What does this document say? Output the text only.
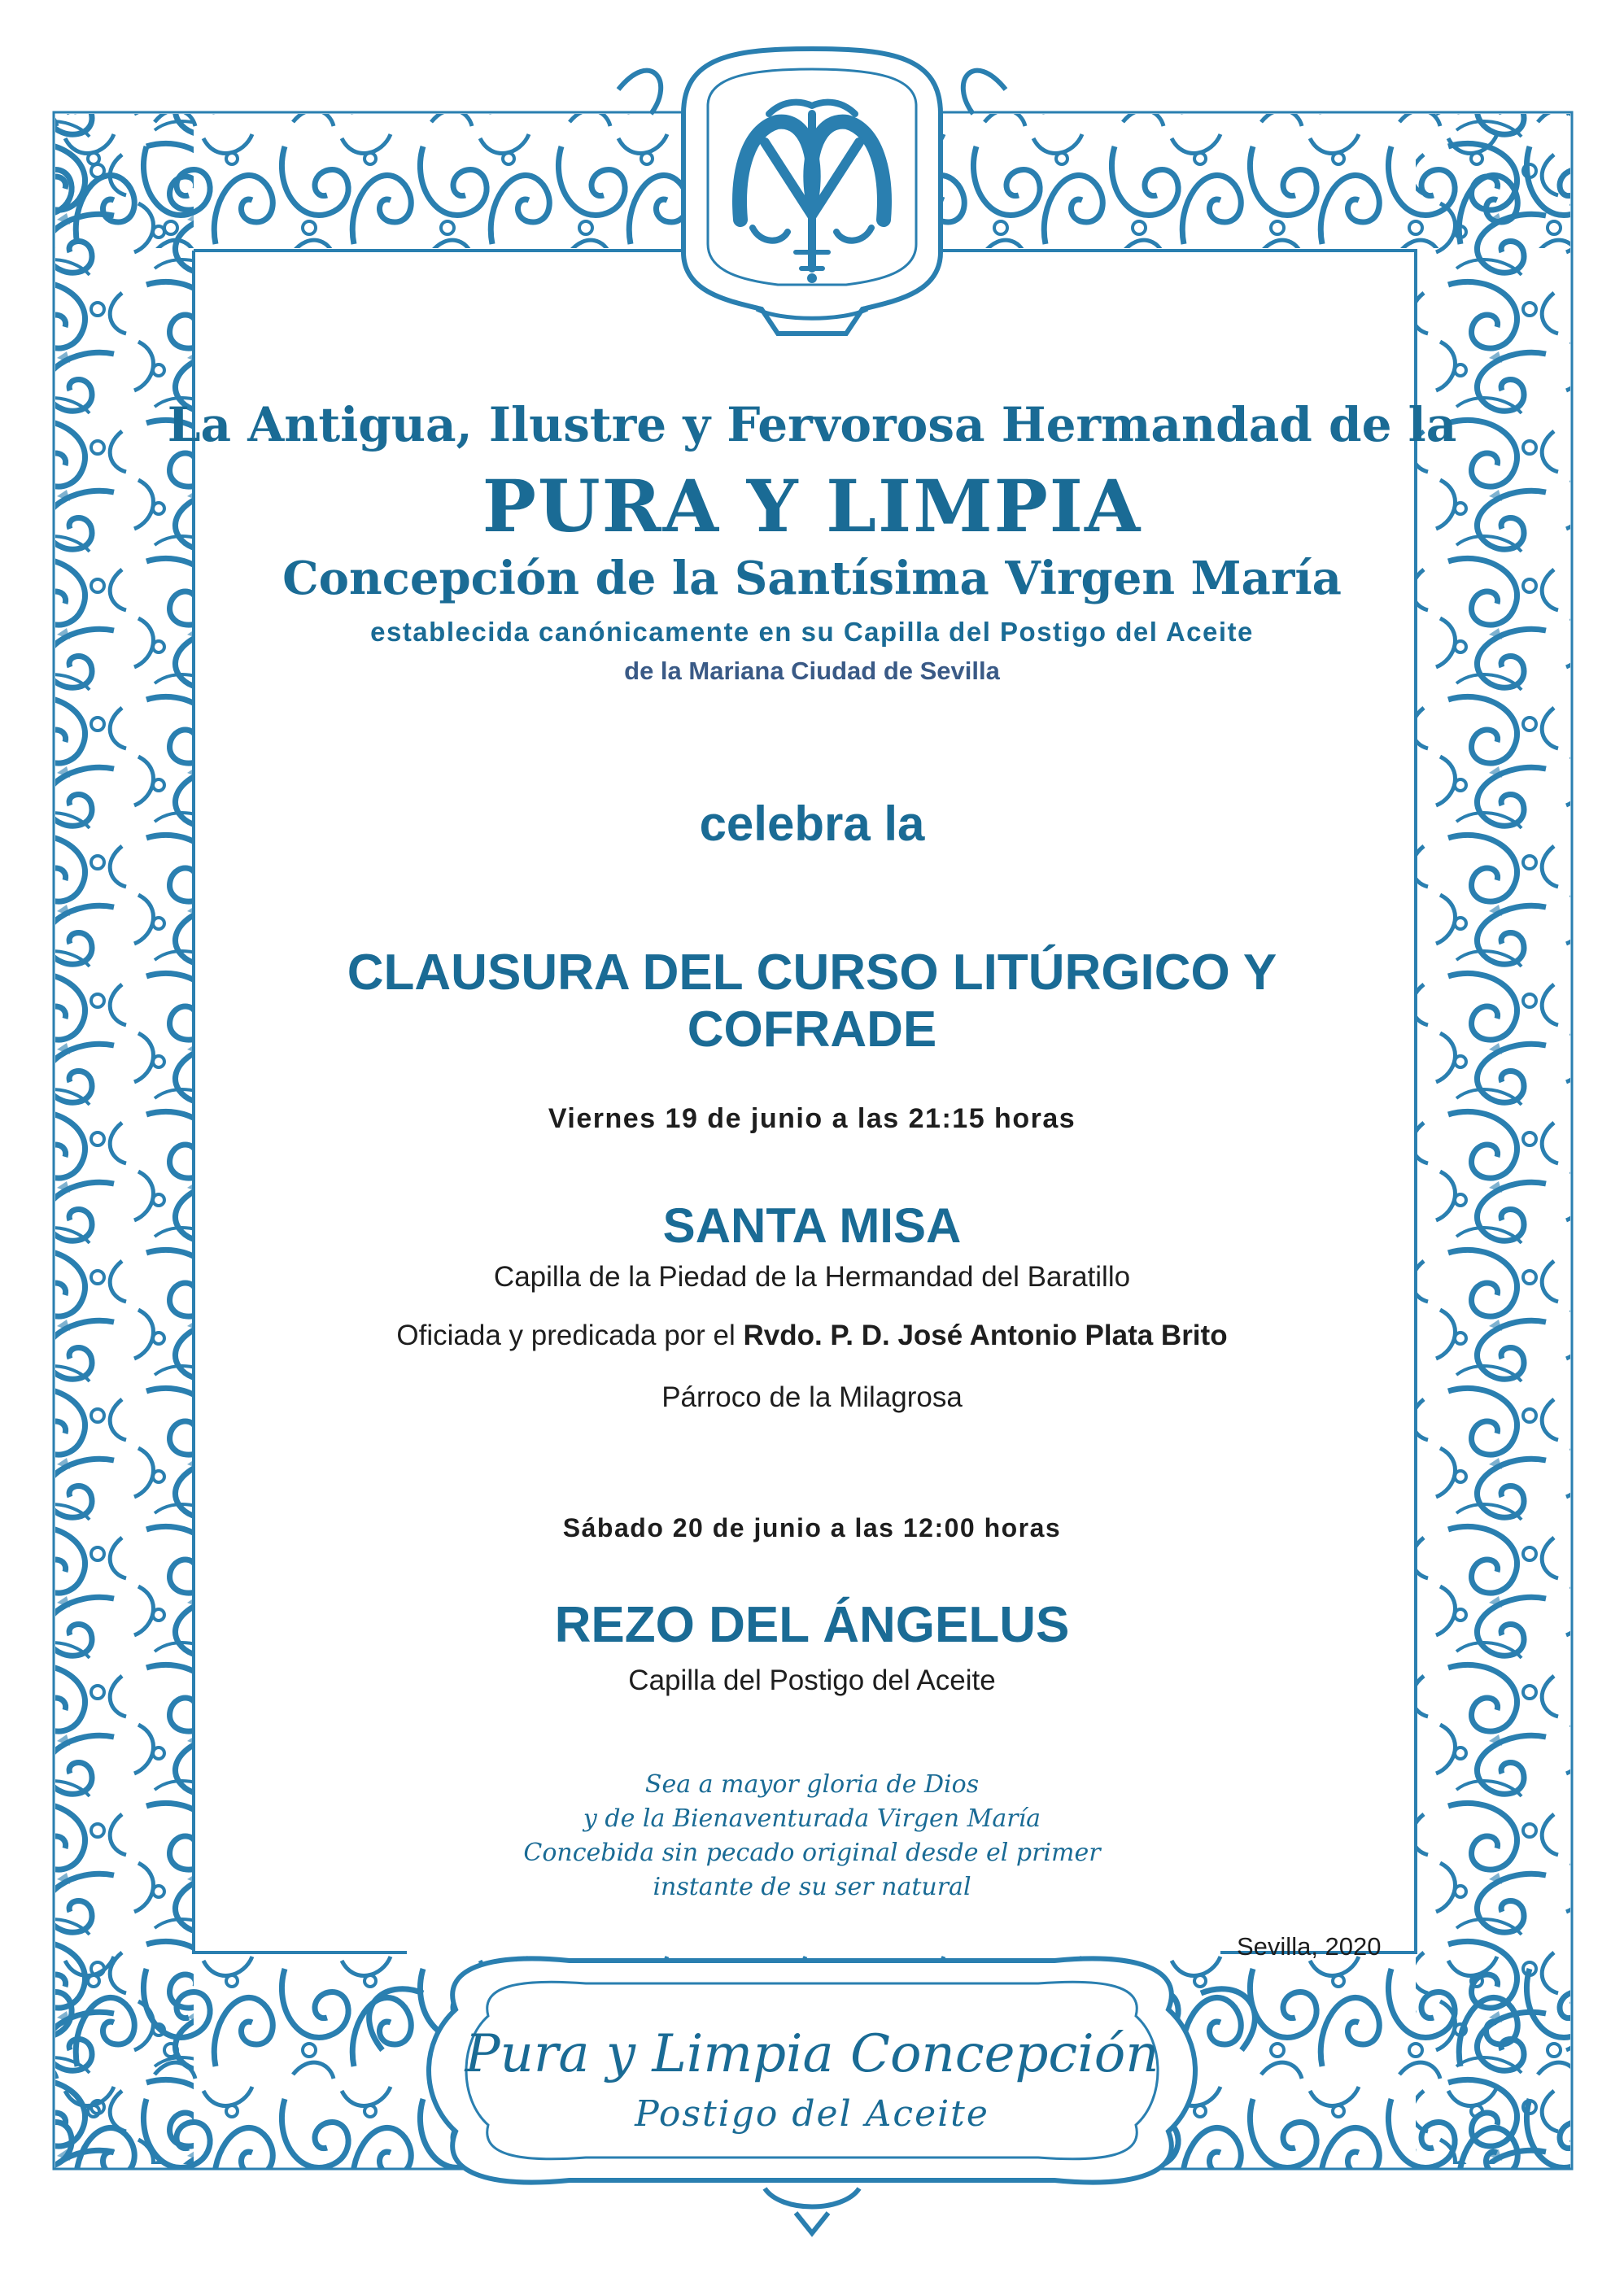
La Antigua, Ilustre y Fervorosa Hermandad de la

PURA Y LIMPIA

Concepción de la Santísima Virgen María

establecida canónicamente en su Capilla del Postigo del Aceite

de la Mariana Ciudad de Sevilla

celebra la

CLAUSURA DEL CURSO LITÚRGICO Y

COFRADE

Viernes 19 de junio a las 21:15 horas

SANTA MISA

Capilla de la Piedad de la Hermandad del Baratillo

Oficiada y predicada por el Rvdo. P. D. José Antonio Plata Brito

Párroco de la Milagrosa

Sábado 20 de junio a las 12:00 horas

REZO DEL ÁNGELUS

Capilla del Postigo del Aceite

Sea a mayor gloria de Dios

y de la Bienaventurada Virgen María

Concebida sin pecado original desde el primer

instante de su ser natural

Sevilla, 2020

Pura y Limpia Concepción

Postigo del Aceite
